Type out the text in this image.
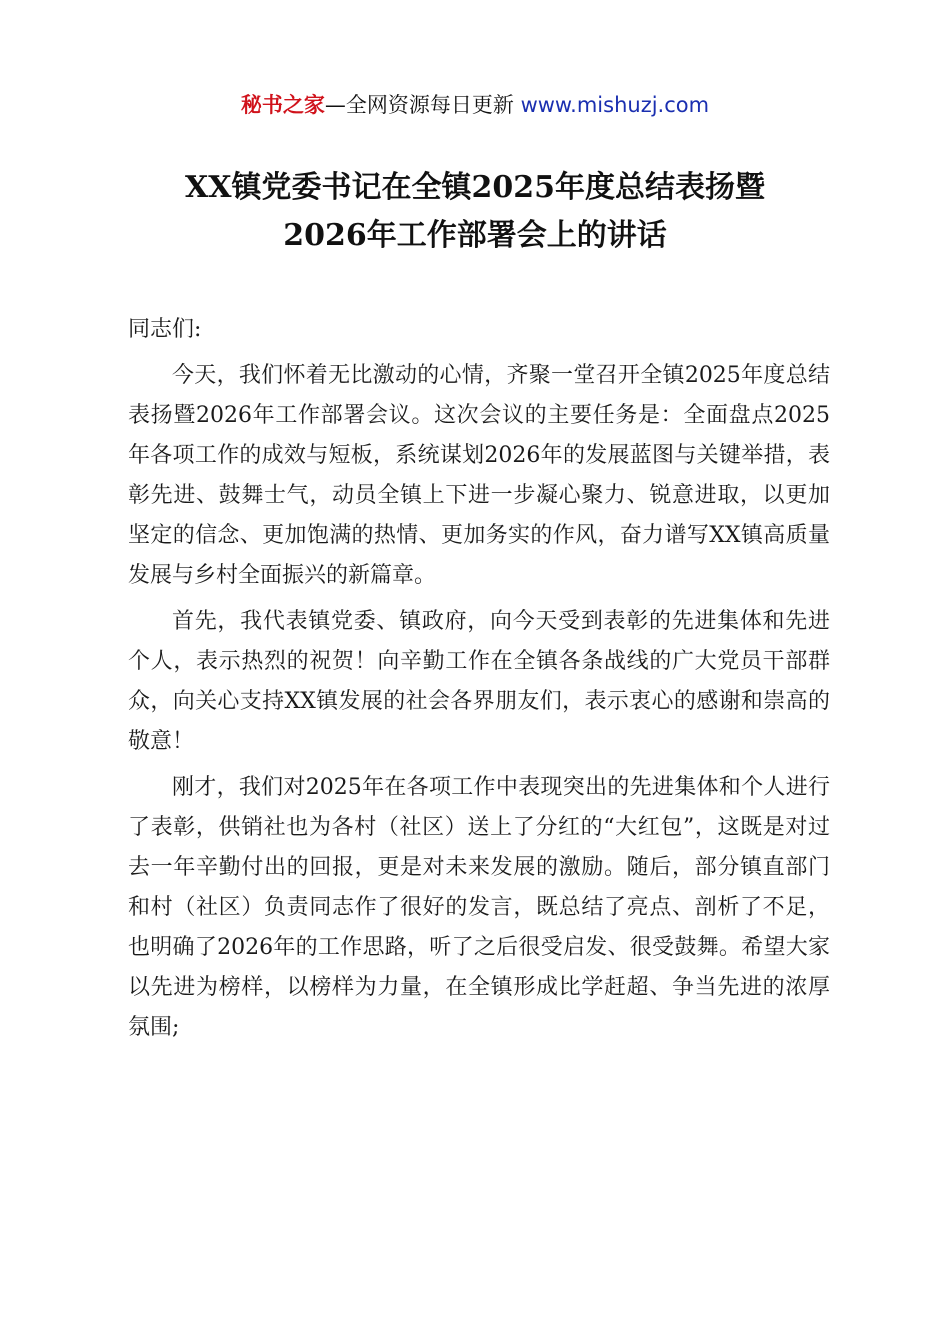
秘书之家—全网资源每日更新 www.mishuzj.com
XX镇党委书记在全镇2025年度总结表扬暨
2026年工作部署会上的讲话

同志们:

今天，我们怀着无比激动的心情，齐聚一堂召开全镇2025年度总结表扬暨2026年工作部署会议。这次会议的主要任务是：全面盘点2025年各项工作的成效与短板，系统谋划2026年的发展蓝图与关键举措，表彰先进、鼓舞士气，动员全镇上下进一步凝心聚力、锐意进取，以更加坚定的信念、更加饱满的热情、更加务实的作风，奋力谱写XX镇高质量发展与乡村全面振兴的新篇章。

首先，我代表镇党委、镇政府，向今天受到表彰的先进集体和先进个人，表示热烈的祝贺！向辛勤工作在全镇各条战线的广大党员干部群众，向关心支持XX镇发展的社会各界朋友们，表示衷心的感谢和崇高的敬意！

刚才，我们对2025年在各项工作中表现突出的先进集体和个人进行了表彰，供销社也为各村（社区）送上了分红的“大红包”，这既是对过去一年辛勤付出的回报，更是对未来发展的激励。随后，部分镇直部门和村（社区）负责同志作了很好的发言，既总结了亮点、剖析了不足，也明确了2026年的工作思路，听了之后很受启发、很受鼓舞。希望大家以先进为榜样，以榜样为力量，在全镇形成比学赶超、争当先进的浓厚氛围;
